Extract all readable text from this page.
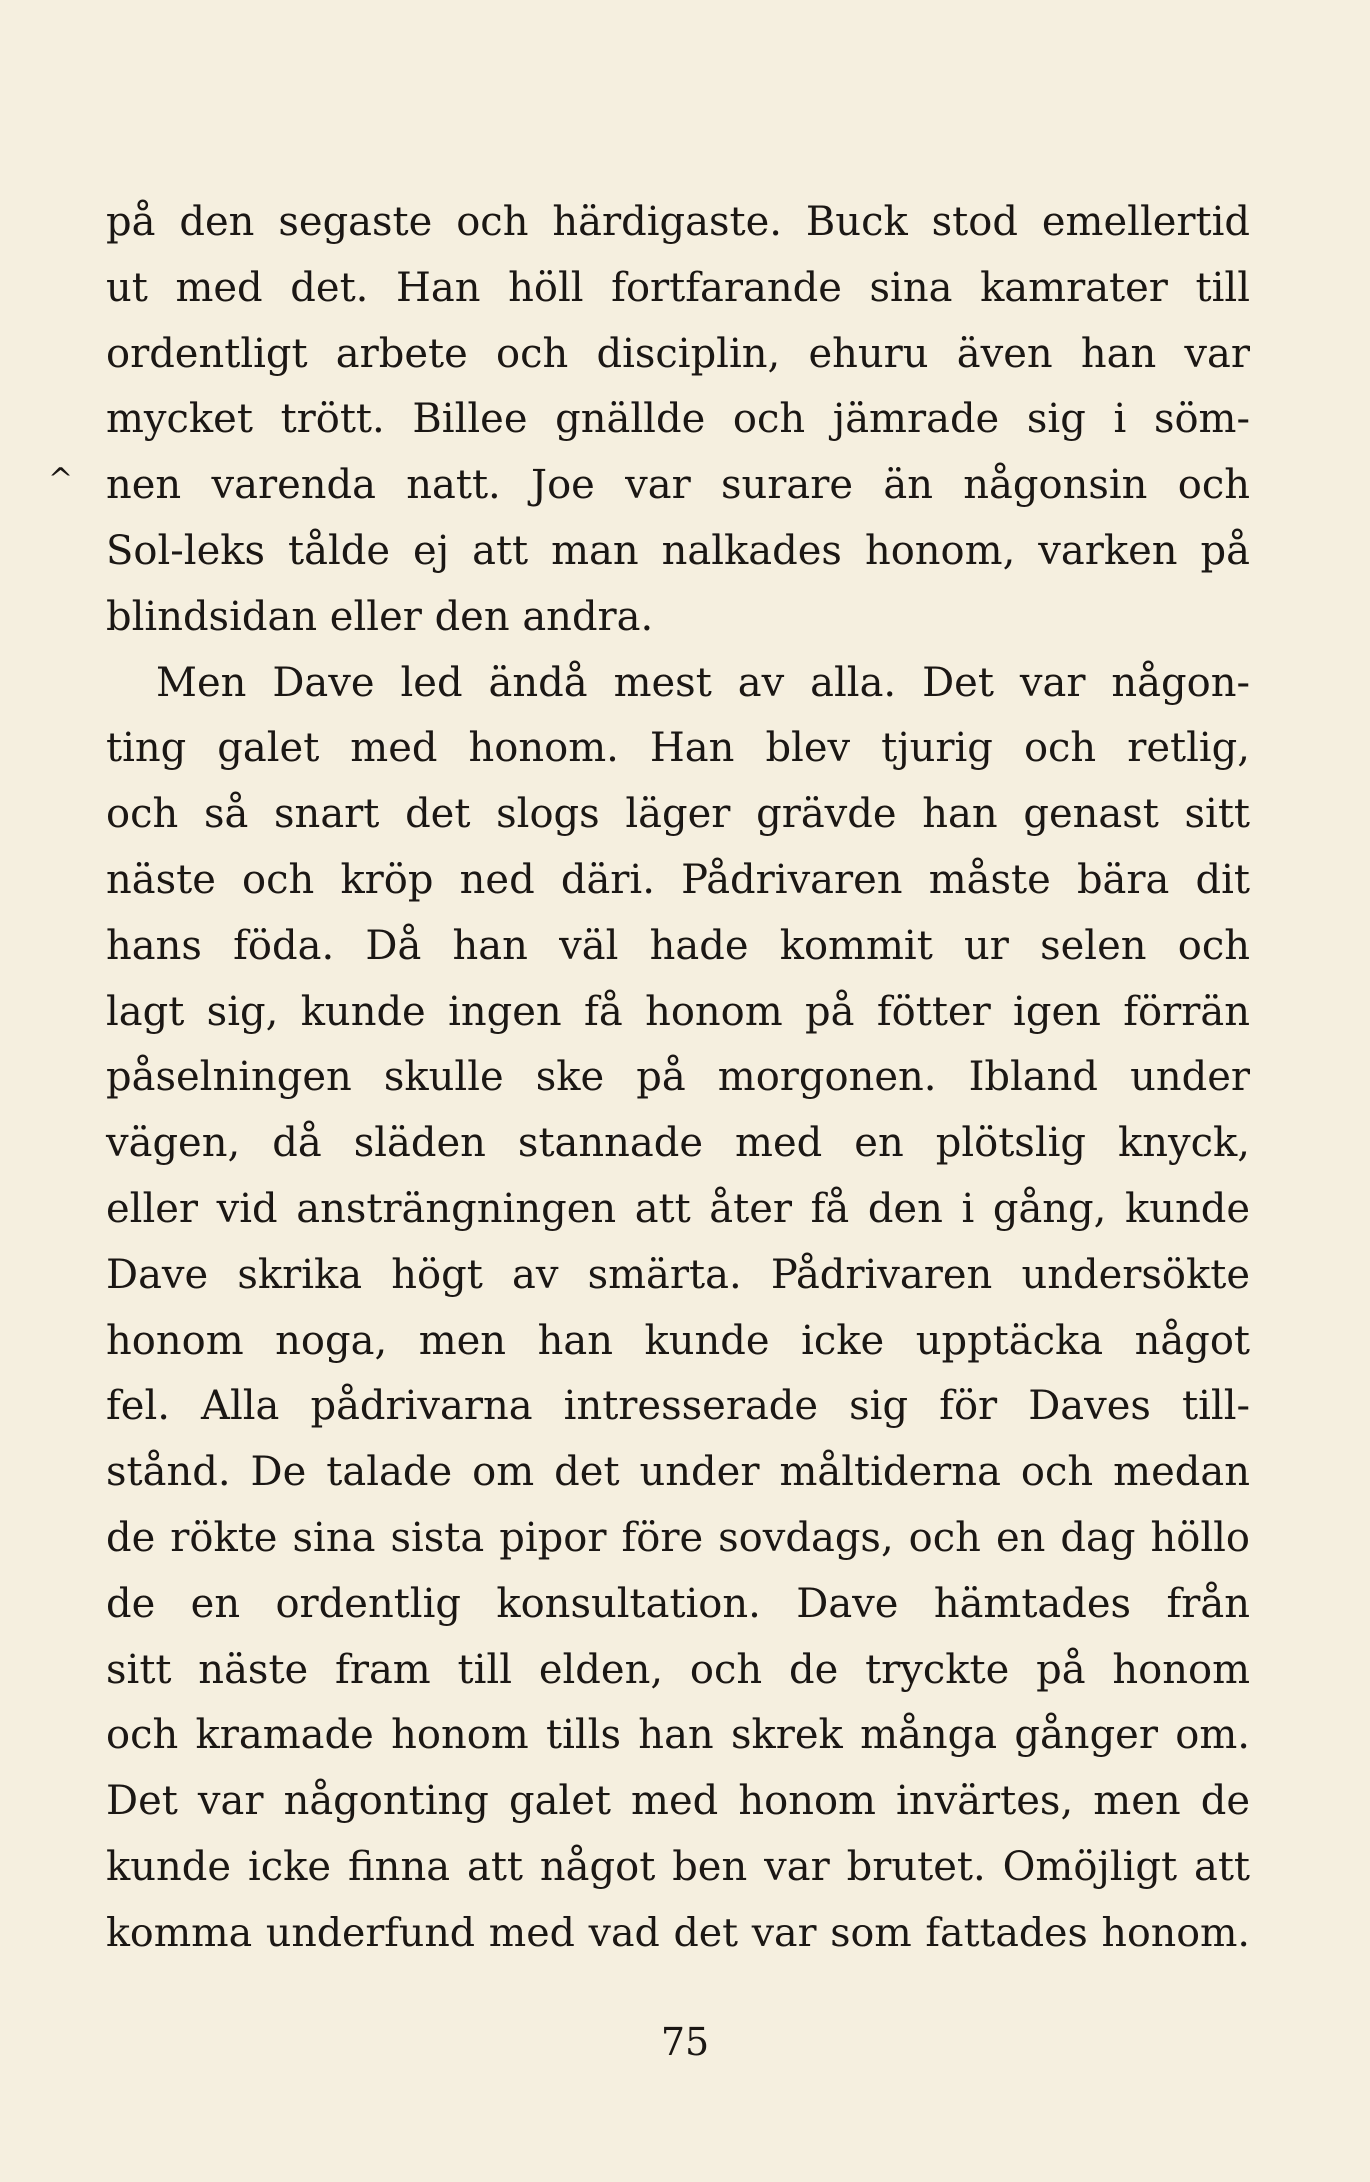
^
på den segaste och härdigaste. Buck stod emellertid
ut med det. Han höll fortfarande sina kamrater till
ordentligt arbete och disciplin, ehuru även han var
mycket trött. Billee gnällde och jämrade sig i söm-
nen varenda natt. Joe var surare än någonsin och
Sol-leks tålde ej att man nalkades honom, varken på
blindsidan eller den andra.
Men Dave led ändå mest av alla. Det var någon-
ting galet med honom. Han blev tjurig och retlig,
och så snart det slogs läger grävde han genast sitt
näste och kröp ned däri. Pådrivaren måste bära dit
hans föda. Då han väl hade kommit ur selen och
lagt sig, kunde ingen få honom på fötter igen förrän
påselningen skulle ske på morgonen. Ibland under
vägen, då släden stannade med en plötslig knyck,
eller vid ansträngningen att åter få den i gång, kunde
Dave skrika högt av smärta. Pådrivaren undersökte
honom noga, men han kunde icke upptäcka något
fel. Alla pådrivarna intresserade sig för Daves till-
stånd. De talade om det under måltiderna och medan
de rökte sina sista pipor före sovdags, och en dag höllo
de en ordentlig konsultation. Dave hämtades från
sitt näste fram till elden, och de tryckte på honom
och kramade honom tills han skrek många gånger om.
Det var någonting galet med honom invärtes, men de
kunde icke finna att något ben var brutet. Omöjligt att
komma underfund med vad det var som fattades honom.
75
